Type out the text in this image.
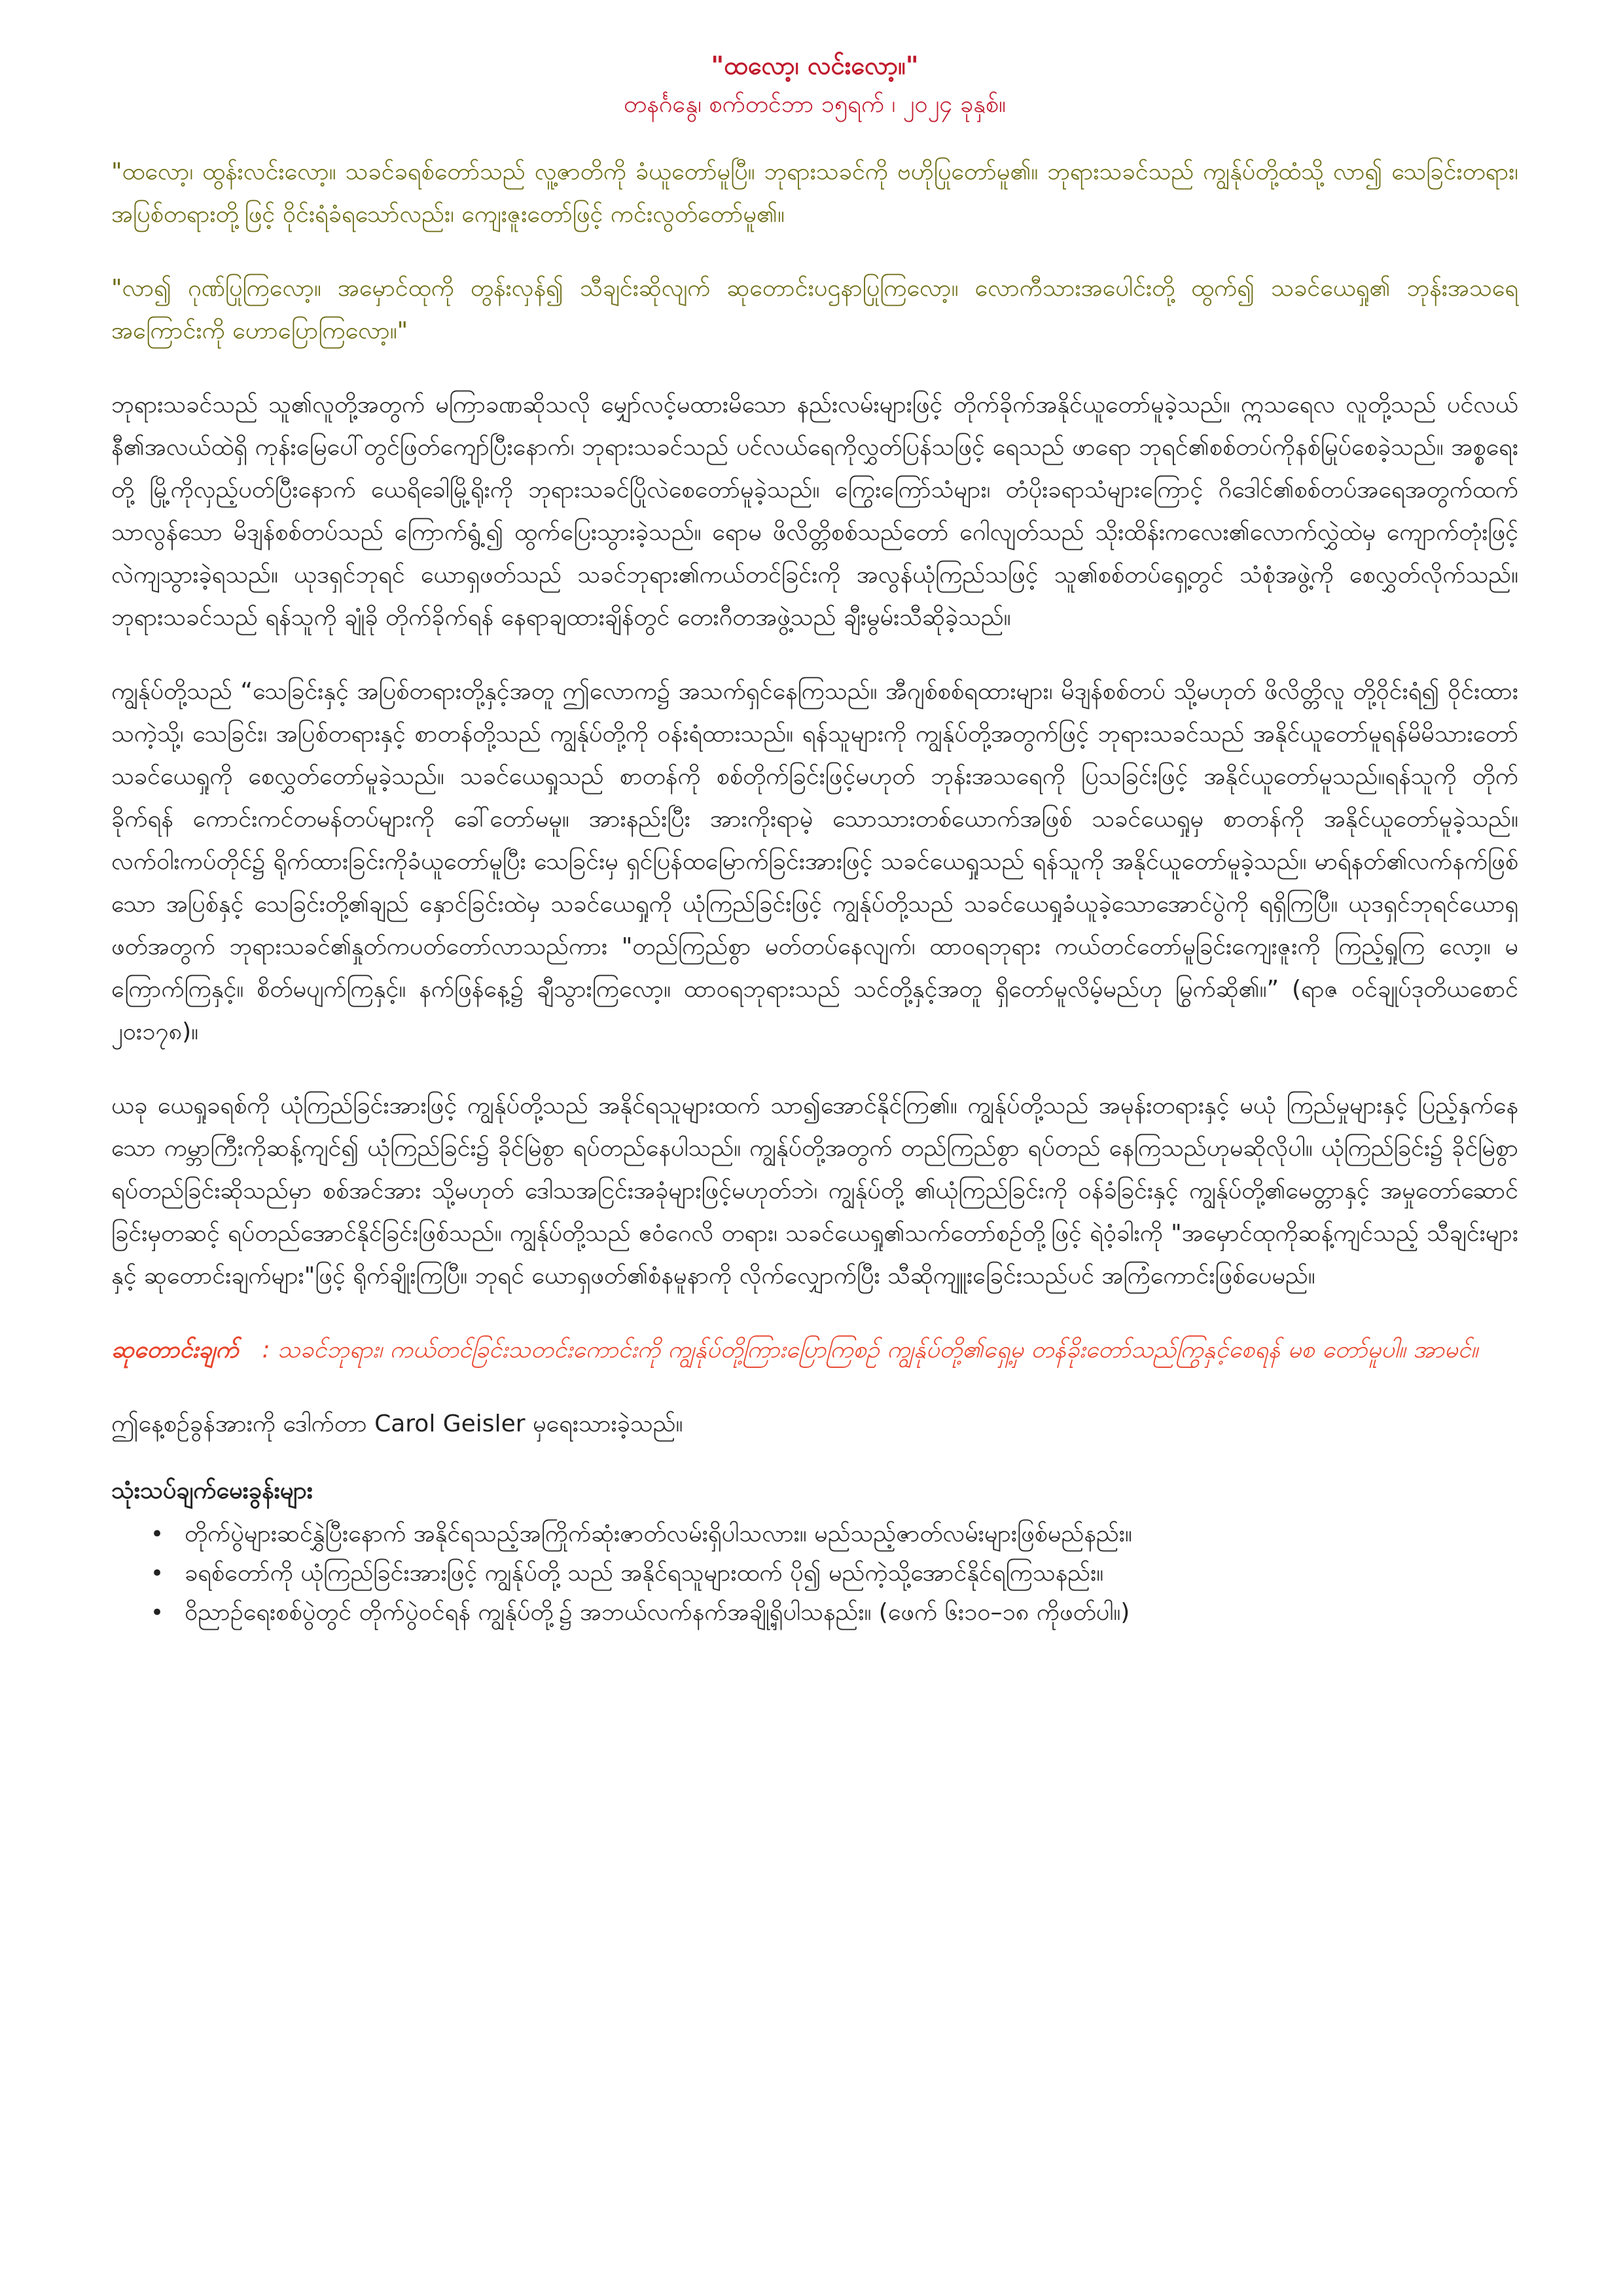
"ထလော့၊ လင်းလော့။"

တနင်္ဂနွေ၊ စက်တင်ဘာ ၁၅ရက် ၊ ၂၀၂၄ ခုနှစ်။

"ထလော့၊ ထွန်းလင်းလော့။ သခင်ခရစ်တော်သည် လူ့ဇာတိကို ခံယူတော်မူပြီ။ ဘုရားသခင်ကို ဗဟိုပြုတော်မူ၏။ ဘုရားသခင်သည် ကျွန်ုပ်တို့ထံသို့ လာ၍ သေခြင်းတရား၊ အပြစ်တရားတို့ဖြင့် ဝိုင်းရံခံရသော်လည်း၊ ကျေးဇူးတော်ဖြင့် ကင်းလွတ်တော်မူ၏။

"လာ၍ ဂုဏ်ပြုကြလော့။ အမှောင်ထုကို တွန်းလှန်၍ သီချင်းဆိုလျက် ဆုတောင်းပဌနာပြုကြလော့။ လောကီသားအပေါင်းတို့ ထွက်၍ သခင်ယေရှု၏ ဘုန်းအသရေအကြောင်းကို ဟောပြောကြလော့။"

ဘုရားသခင်သည် သူ၏လူတို့အတွက် မကြာခဏဆိုသလို မျှော်လင့်မထားမိသော နည်းလမ်းများဖြင့် တိုက်ခိုက်အနိုင်ယူတော်မူခဲ့သည်။ ဣသရေလ လူတို့သည် ပင်လယ်နီ၏အလယ်ထဲရှိ ကုန်းမြေပေါ်တွင်ဖြတ်ကျော်ပြီးနောက်၊ ဘုရားသခင်သည် ပင်လယ်ရေကိုလွှတ်ပြန်သဖြင့် ရေသည် ဖာရော ဘုရင်၏စစ်တပ်ကိုနစ်မြုပ်စေခဲ့သည်။ အစ္စရေးတို့ မြို့ကိုလှည့်ပတ်ပြီးနောက် ယေရိခေါမြို့ရိုးကို ဘုရားသခင်ပြိုလဲစေတော်မူခဲ့သည်။ ကြွေးကြော်သံများ၊ တံပိုးခရာသံများကြောင့် ဂိဒေါင်၏စစ်တပ်အရေအတွက်ထက် သာလွန်သော မိဒျန်စစ်တပ်သည် ကြောက်ရွံ့၍ ထွက်ပြေးသွားခဲ့သည်။ ရောမ ဖိလိတ္တိစစ်သည်တော် ဂေါလျတ်သည် သိုးထိန်းကလေး၏လောက်လွှဲထဲမှ ကျောက်တုံးဖြင့် လဲကျသွားခဲ့ရသည်။ ယုဒရှင်ဘုရင် ယောရှဖတ်သည် သခင်ဘုရား၏ကယ်တင်ခြင်းကို အလွန်ယုံကြည်သဖြင့် သူ၏စစ်တပ်ရှေ့တွင် သံစုံအဖွဲ့ကို စေလွှတ်လိုက်သည်။ ဘုရားသခင်သည် ရန်သူကို ချုံခို တိုက်ခိုက်ရန် နေရာချထားချိန်တွင် တေးဂီတအဖွဲ့သည် ချီးမွမ်းသီဆိုခဲ့သည်။

ကျွန်ုပ်တို့သည် “သေခြင်းနှင့် အပြစ်တရားတို့နှင့်အတူ ဤလောက၌ အသက်ရှင်နေကြသည်။ အီဂျစ်စစ်ရထားများ၊ မိဒျန်စစ်တပ် သို့မဟုတ် ဖိလိတ္တိလူ တို့ဝိုင်းရံ၍ ဝိုင်းထားသကဲ့သို့၊ သေခြင်း၊ အပြစ်တရားနှင့် စာတန်တို့သည် ကျွန်ုပ်တို့ကို ဝန်းရံထားသည်။ ရန်သူများကို ကျွန်ုပ်တို့အတွက်ဖြင့် ဘုရားသခင်သည် အနိုင်ယူတော်မူရန်မိမိသားတော်သခင်ယေရှုကို စေလွှတ်တော်မူခဲ့သည်။ သခင်ယေရှုသည် စာတန်ကို စစ်တိုက်ခြင်းဖြင့်မဟုတ် ဘုန်းအသရေကို ပြသခြင်းဖြင့် အနိုင်ယူတော်မူသည်။ရန်သူကို တိုက် ခိုက်ရန် ကောင်းကင်တမန်တပ်များကို ခေါ်တော်မမူ။ အားနည်းပြီး အားကိုးရာမဲ့ သောသားတစ်ယောက်အဖြစ် သခင်ယေရှုမှ စာတန်ကို အနိုင်ယူတော်မူခဲ့သည်။ လက်ဝါးကပ်တိုင်၌ ရိုက်ထားခြင်းကိုခံယူတော်မူပြီး သေခြင်းမှ ရှင်ပြန်ထမြောက်ခြင်းအားဖြင့် သခင်ယေရှုသည် ရန်သူကို အနိုင်ယူတော်မူခဲ့သည်။ မာရ်နတ်၏လက်နက်ဖြစ်သော အပြစ်နှင့် သေခြင်းတို့၏ချည် နှောင်ခြင်းထဲမှ သခင်ယေရှုကို ယုံကြည်ခြင်းဖြင့် ကျွန်ုပ်တို့သည် သခင်ယေရှုခံယူခဲ့သောအောင်ပွဲကို ရရှိကြပြီ။ ယုဒရှင်ဘုရင်ယောရှဖတ်အတွက် ဘုရားသခင်၏နှုတ်ကပတ်တော်လာသည်ကား "တည်ကြည်စွာ မတ်တပ်နေလျက်၊ ထာဝရဘုရား ကယ်တင်တော်မူခြင်းကျေးဇူးကို ကြည့်ရှုကြ လော့။ မကြောက်ကြနှင့်။ စိတ်မပျက်ကြနှင့်။ နက်ဖြန်နေ့၌ ချီသွားကြလော့။ ထာဝရဘုရားသည် သင်တို့နှင့်အတူ ရှိတော်မူလိမ့်မည်ဟု မြွက်ဆို၏။” (ရာဇ ဝင်ချုပ်ဒုတိယစောင် ၂၀း၁၇၈)။

ယခု ယေရှုခရစ်ကို ယုံကြည်ခြင်းအားဖြင့် ကျွန်ုပ်တို့သည် အနိုင်ရသူများထက် သာ၍အောင်နိုင်ကြ၏။ ကျွန်ုပ်တို့သည် အမုန်းတရားနှင့် မယုံ ကြည်မှုများနှင့် ပြည့်နှက်နေသော ကမ္ဘာကြီးကိုဆန့်ကျင်၍ ယုံကြည်ခြင်း၌ ခိုင်မြဲစွာ ရပ်တည်နေပါသည်။ ကျွန်ုပ်တို့အတွက် တည်ကြည်စွာ ရပ်တည် နေကြသည်ဟုမဆိုလိုပါ။ ယုံကြည်ခြင်း၌ ခိုင်မြဲစွာရပ်တည်ခြင်းဆိုသည်မှာ စစ်အင်အား သို့မဟုတ် ဒေါသအငြင်းအခုံများဖြင့်မဟုတ်ဘဲ၊ ကျွန်ုပ်တို့ ၏ယုံကြည်ခြင်းကို ဝန်ခံခြင်းနှင့် ကျွန်ုပ်တို့၏မေတ္တာနှင့် အမှုတော်ဆောင်ခြင်းမှတဆင့် ရပ်တည်အောင်နိုင်ခြင်းဖြစ်သည်။ ကျွန်ုပ်တို့သည် ဧဝံဂေလိ တရား၊ သခင်ယေရှု၏သက်တော်စဉ်တို့ဖြင့် ရဲဝံ့ခါးကို "အမှောင်ထုကိုဆန့်ကျင်သည့် သီချင်းများနှင့် ဆုတောင်းချက်များ"ဖြင့် ရိုက်ချိုးကြပြီ။ ဘုရင် ယောရှဖတ်၏စံနမူနာကို လိုက်လျှောက်ပြီး သီဆိုကျူးခြေင်းသည်ပင် အကြံကောင်းဖြစ်ပေမည်။

ဆုတောင်းချက် : သခင်ဘုရား၊ ကယ်တင်ခြင်းသတင်းကောင်းကို ကျွန်ုပ်တို့ကြားပြောကြစဉ် ကျွန်ုပ်တို့၏ရှေ့မှ တန်ခိုးတော်သည်ကြွနှင့်စေရန် မစ တော်မူပါ။ အာမင်။

ဤနေ့စဉ်ခွန်အားကို ဒေါက်တာ Carol Geisler မှရေးသားခဲ့သည်။

သုံးသပ်ချက်မေးခွန်းများ
• တိုက်ပွဲများဆင်နွှဲပြီးနောက် အနိုင်ရသည့်အကြိုက်ဆုံးဇာတ်လမ်းရှိပါသလား။ မည်သည့်ဇာတ်လမ်းများဖြစ်မည်နည်း။
• ခရစ်တော်ကို ယုံကြည်ခြင်းအားဖြင့် ကျွန်ုပ်တို့ သည် အနိုင်ရသူများထက် ပို၍ မည်ကဲ့သို့အောင်နိုင်ရကြသနည်း။
• ဝိညာဉ်ရေးစစ်ပွဲတွင် တိုက်ပွဲဝင်ရန် ကျွန်ုပ်တို့၌ အဘယ်လက်နက်အချို့ရှိပါသနည်း။ (ဖေက် ၆း၁၀–၁၈ ကိုဖတ်ပါ။)
